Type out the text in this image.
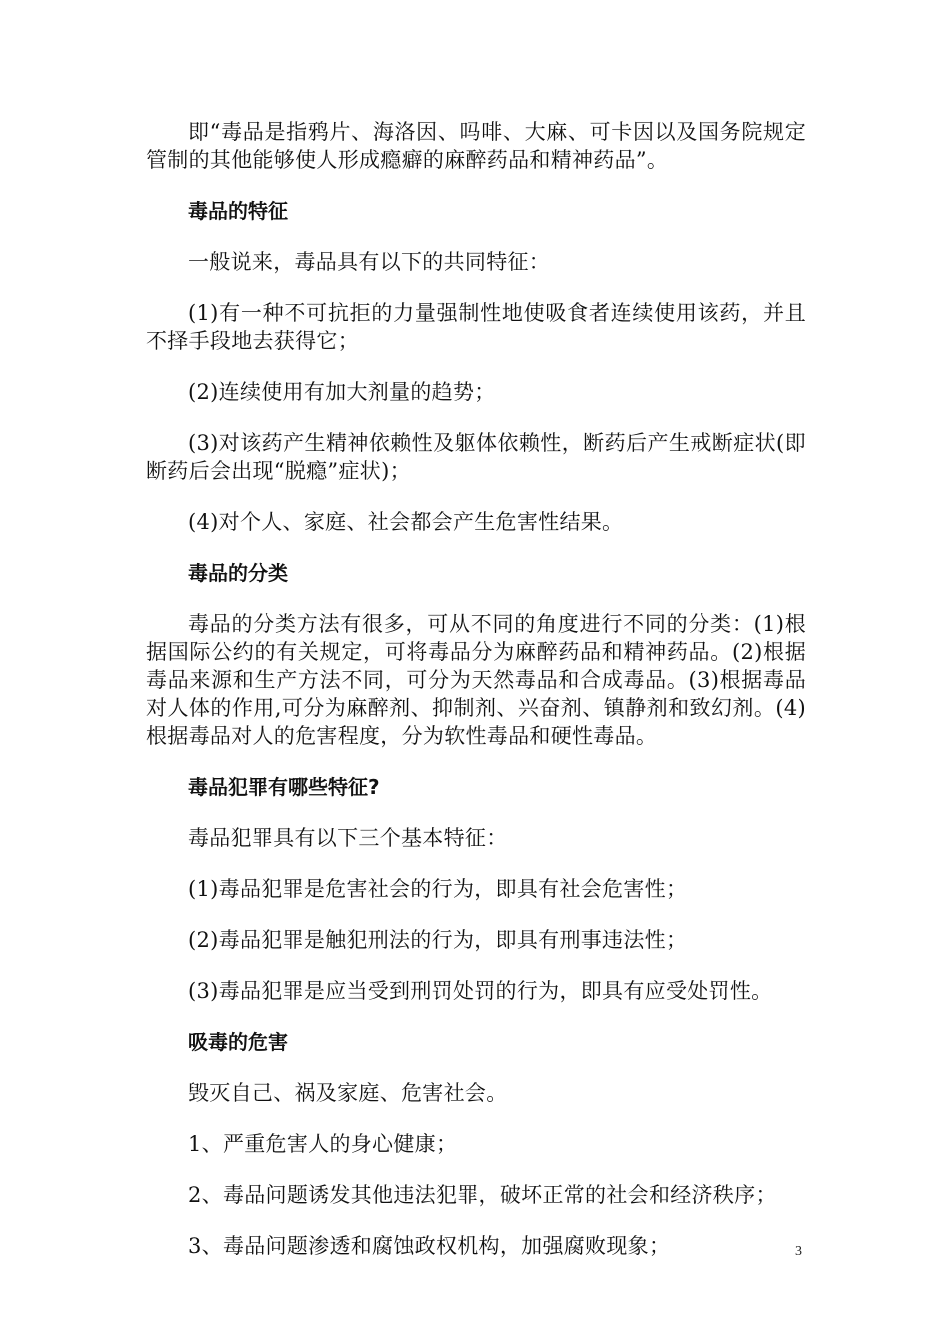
即“毒品是指鸦片、海洛因、吗啡、大麻、可卡因以及国务院规定管制的其他能够使人形成瘾癖的麻醉药品和精神药品”。

毒品的特征

一般说来，毒品具有以下的共同特征：

(1)有一种不可抗拒的力量强制性地使吸食者连续使用该药，并且不择手段地去获得它；

(2)连续使用有加大剂量的趋势；

(3)对该药产生精神依赖性及躯体依赖性，断药后产生戒断症状(即断药后会出现“脱瘾”症状)；

(4)对个人、家庭、社会都会产生危害性结果。

毒品的分类

毒品的分类方法有很多，可从不同的角度进行不同的分类：(1)根据国际公约的有关规定，可将毒品分为麻醉药品和精神药品。(2)根据毒品来源和生产方法不同，可分为天然毒品和合成毒品。(3)根据毒品对人体的作用,可分为麻醉剂、抑制剂、兴奋剂、镇静剂和致幻剂。(4)根据毒品对人的危害程度，分为软性毒品和硬性毒品。

毒品犯罪有哪些特征?

毒品犯罪具有以下三个基本特征：

(1)毒品犯罪是危害社会的行为，即具有社会危害性；

(2)毒品犯罪是触犯刑法的行为，即具有刑事违法性；

(3)毒品犯罪是应当受到刑罚处罚的行为，即具有应受处罚性。

吸毒的危害

毁灭自己、祸及家庭、危害社会。

1、严重危害人的身心健康；

2、毒品问题诱发其他违法犯罪，破坏正常的社会和经济秩序；

3、毒品问题渗透和腐蚀政权机构，加强腐败现象；	3
